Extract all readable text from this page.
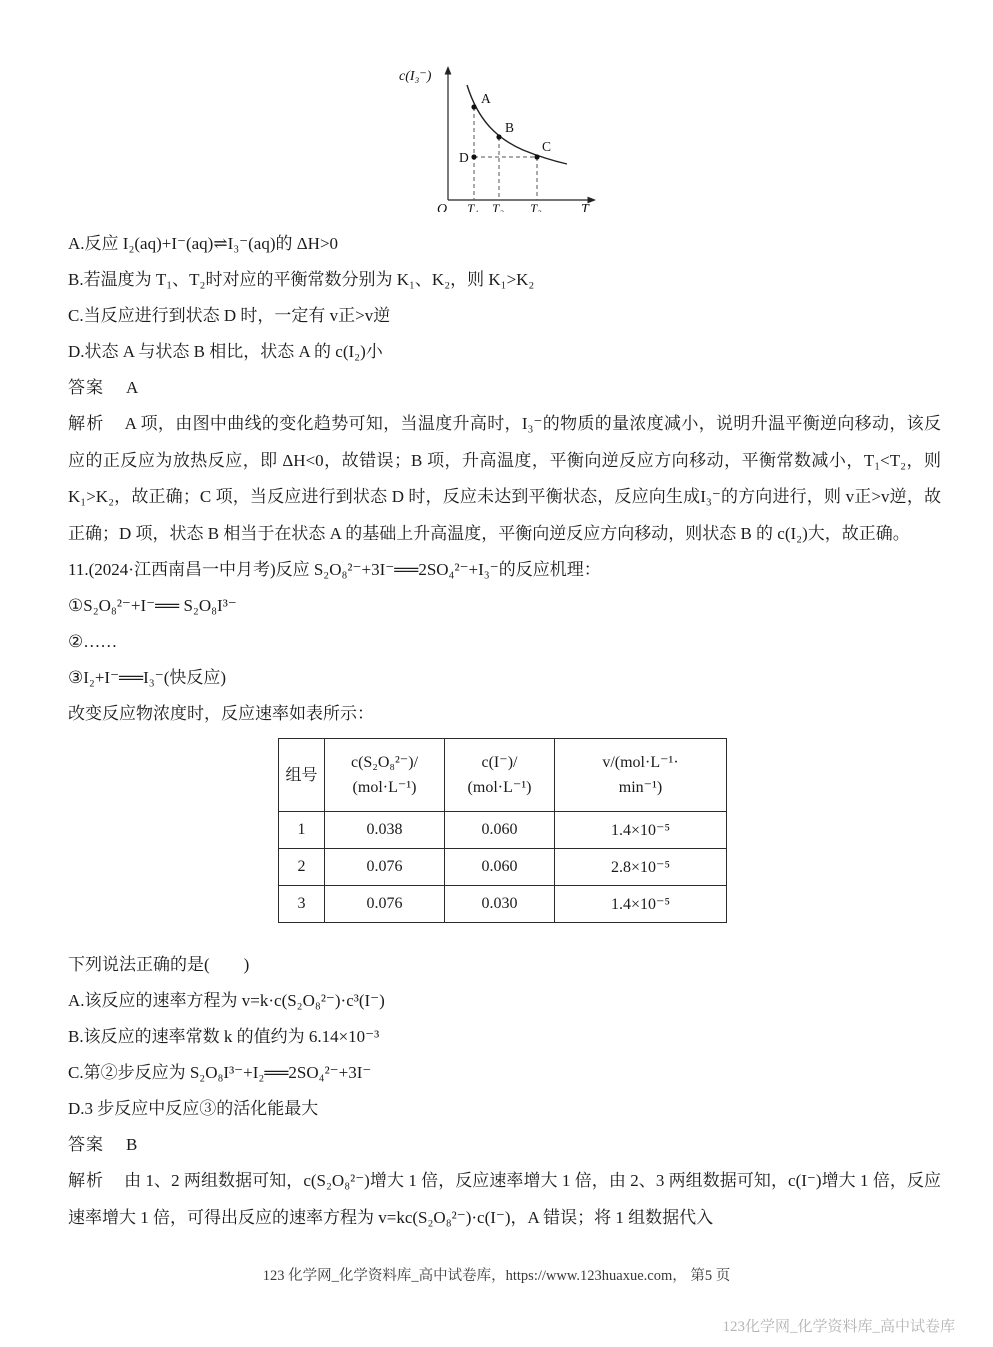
c(I₃⁻)
A
B
C
D
O T₁ T₂ T₃	T
A.反应 I₂(aq)+I⁻(aq)⇌I₃⁻(aq)的 ΔH>0
B.若温度为 T₁、T₂时对应的平衡常数分别为 K₁、K₂，则 K₁>K₂
C.当反应进行到状态 D 时，一定有 v正>v逆
D.状态 A 与状态 B 相比，状态 A 的 c(I₂)小
答案 A

解析 A 项，由图中曲线的变化趋势可知，当温度升高时，I₃⁻的物质的量浓度减小，说明升温平衡逆向移动，该反应的正反应为放热反应，即 ΔH<0，故错误；B 项，升高温度，平衡向逆反应方向移动，平衡常数减小，T₁<T₂，则 K₁>K₂，故正确；C 项，当反应进行到状态 D 时，反应未达到平衡状态，反应向生成I₃⁻的方向进行，则 v正>v逆，故正确；D 项，状态 B 相当于在状态 A 的基础上升高温度，平衡向逆反应方向移动，则状态 B 的 c(I₂)大，故正确。

11.(2024·江西南昌一中月考)反应 S₂O₈²⁻+3I⁻══2SO₄²⁻+I₃⁻的反应机理：
①S₂O₈²⁻+I⁻══ S₂O₈I³⁻
②……
③I₂+I⁻══I₃⁻(快反应)
改变反应物浓度时，反应速率如表所示：
组号

c(S₂O₈²⁻)/
(mol·L⁻¹)

c(I⁻)/
(mol·L⁻¹)

v/(mol·L⁻¹·
min⁻¹)

1	0.038	0.060	1.4×10⁻⁵
2	0.076	0.060	2.8×10⁻⁵
3	0.076	0.030	1.4×10⁻⁵
下列说法正确的是(　　)
A.该反应的速率方程为 v=k·c(S₂O₈²⁻)·c³(I⁻)
B.该反应的速率常数 k 的值约为 6.14×10⁻³
C.第②步反应为 S₂O₈I³⁻+I₂══2SO₄²⁻+3I⁻
D.3 步反应中反应③的活化能最大
答案 B

解析 由 1、2 两组数据可知，c(S₂O₈²⁻)增大 1 倍，反应速率增大 1 倍，由 2、3 两组数据可知，c(I⁻)增大 1 倍，反应速率增大 1 倍，可得出反应的速率方程为 v=kc(S₂O₈²⁻)·c(I⁻)，A 错误；将 1 组数据代入

123 化学网_化学资料库_高中试卷库，https://www.123huaxue.com， 第5 页
123化学网_化学资料库_高中试卷库
